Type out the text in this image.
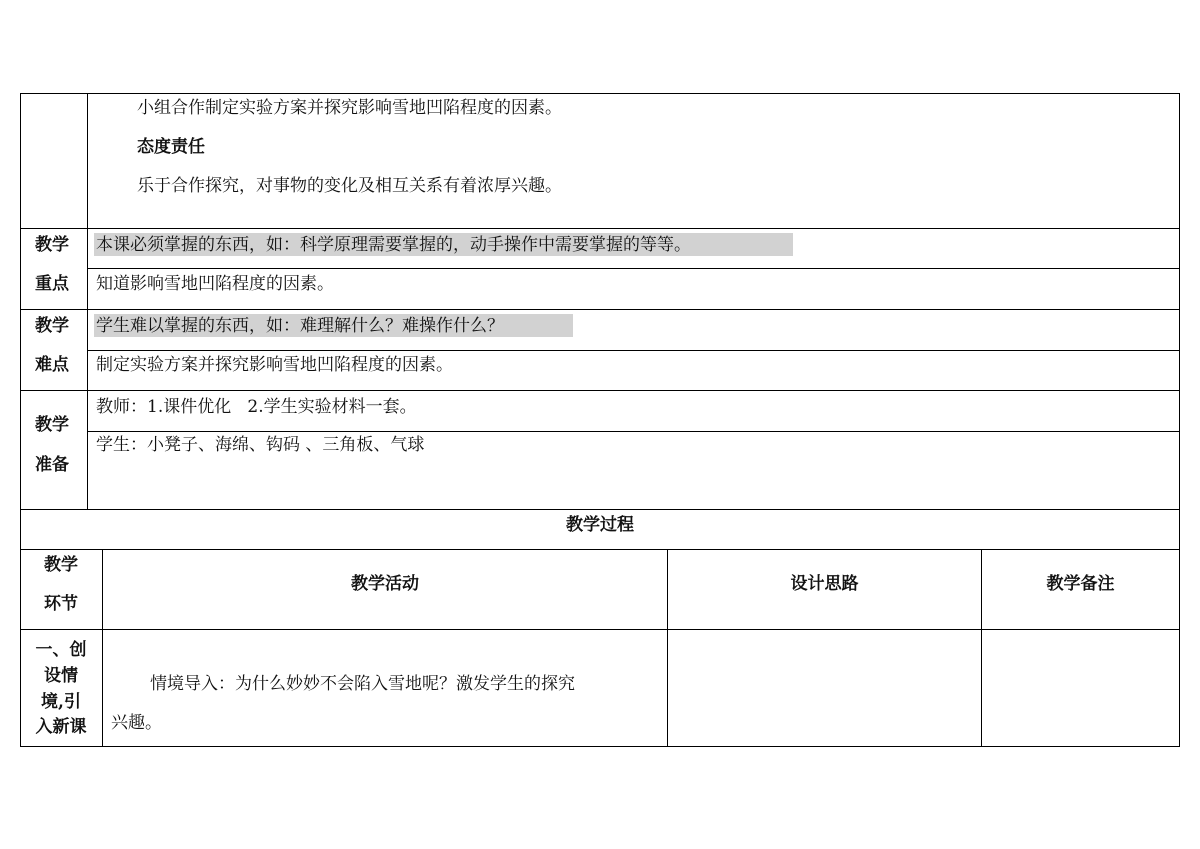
小组合作制定实验方案并探究影响雪地凹陷程度的因素。
态度责任
乐于合作探究，对事物的变化及相互关系有着浓厚兴趣。
教学
重点
本课必须掌握的东西，如：科学原理需要掌握的，动手操作中需要掌握的等等。
知道影响雪地凹陷程度的因素。
教学
难点
学生难以掌握的东西，如：难理解什么？难操作什么？
制定实验方案并探究影响雪地凹陷程度的因素。
教学
准备
教师：1.课件优化   2.学生实验材料一套。
学生：小凳子、海绵、钩码 、三角板、气球
教学过程
教学
环节
教学活动	设计思路	教学备注
一、创
设情
境,引
入新课
情境导入：为什么妙妙不会陷入雪地呢？激发学生的探究
兴趣。
